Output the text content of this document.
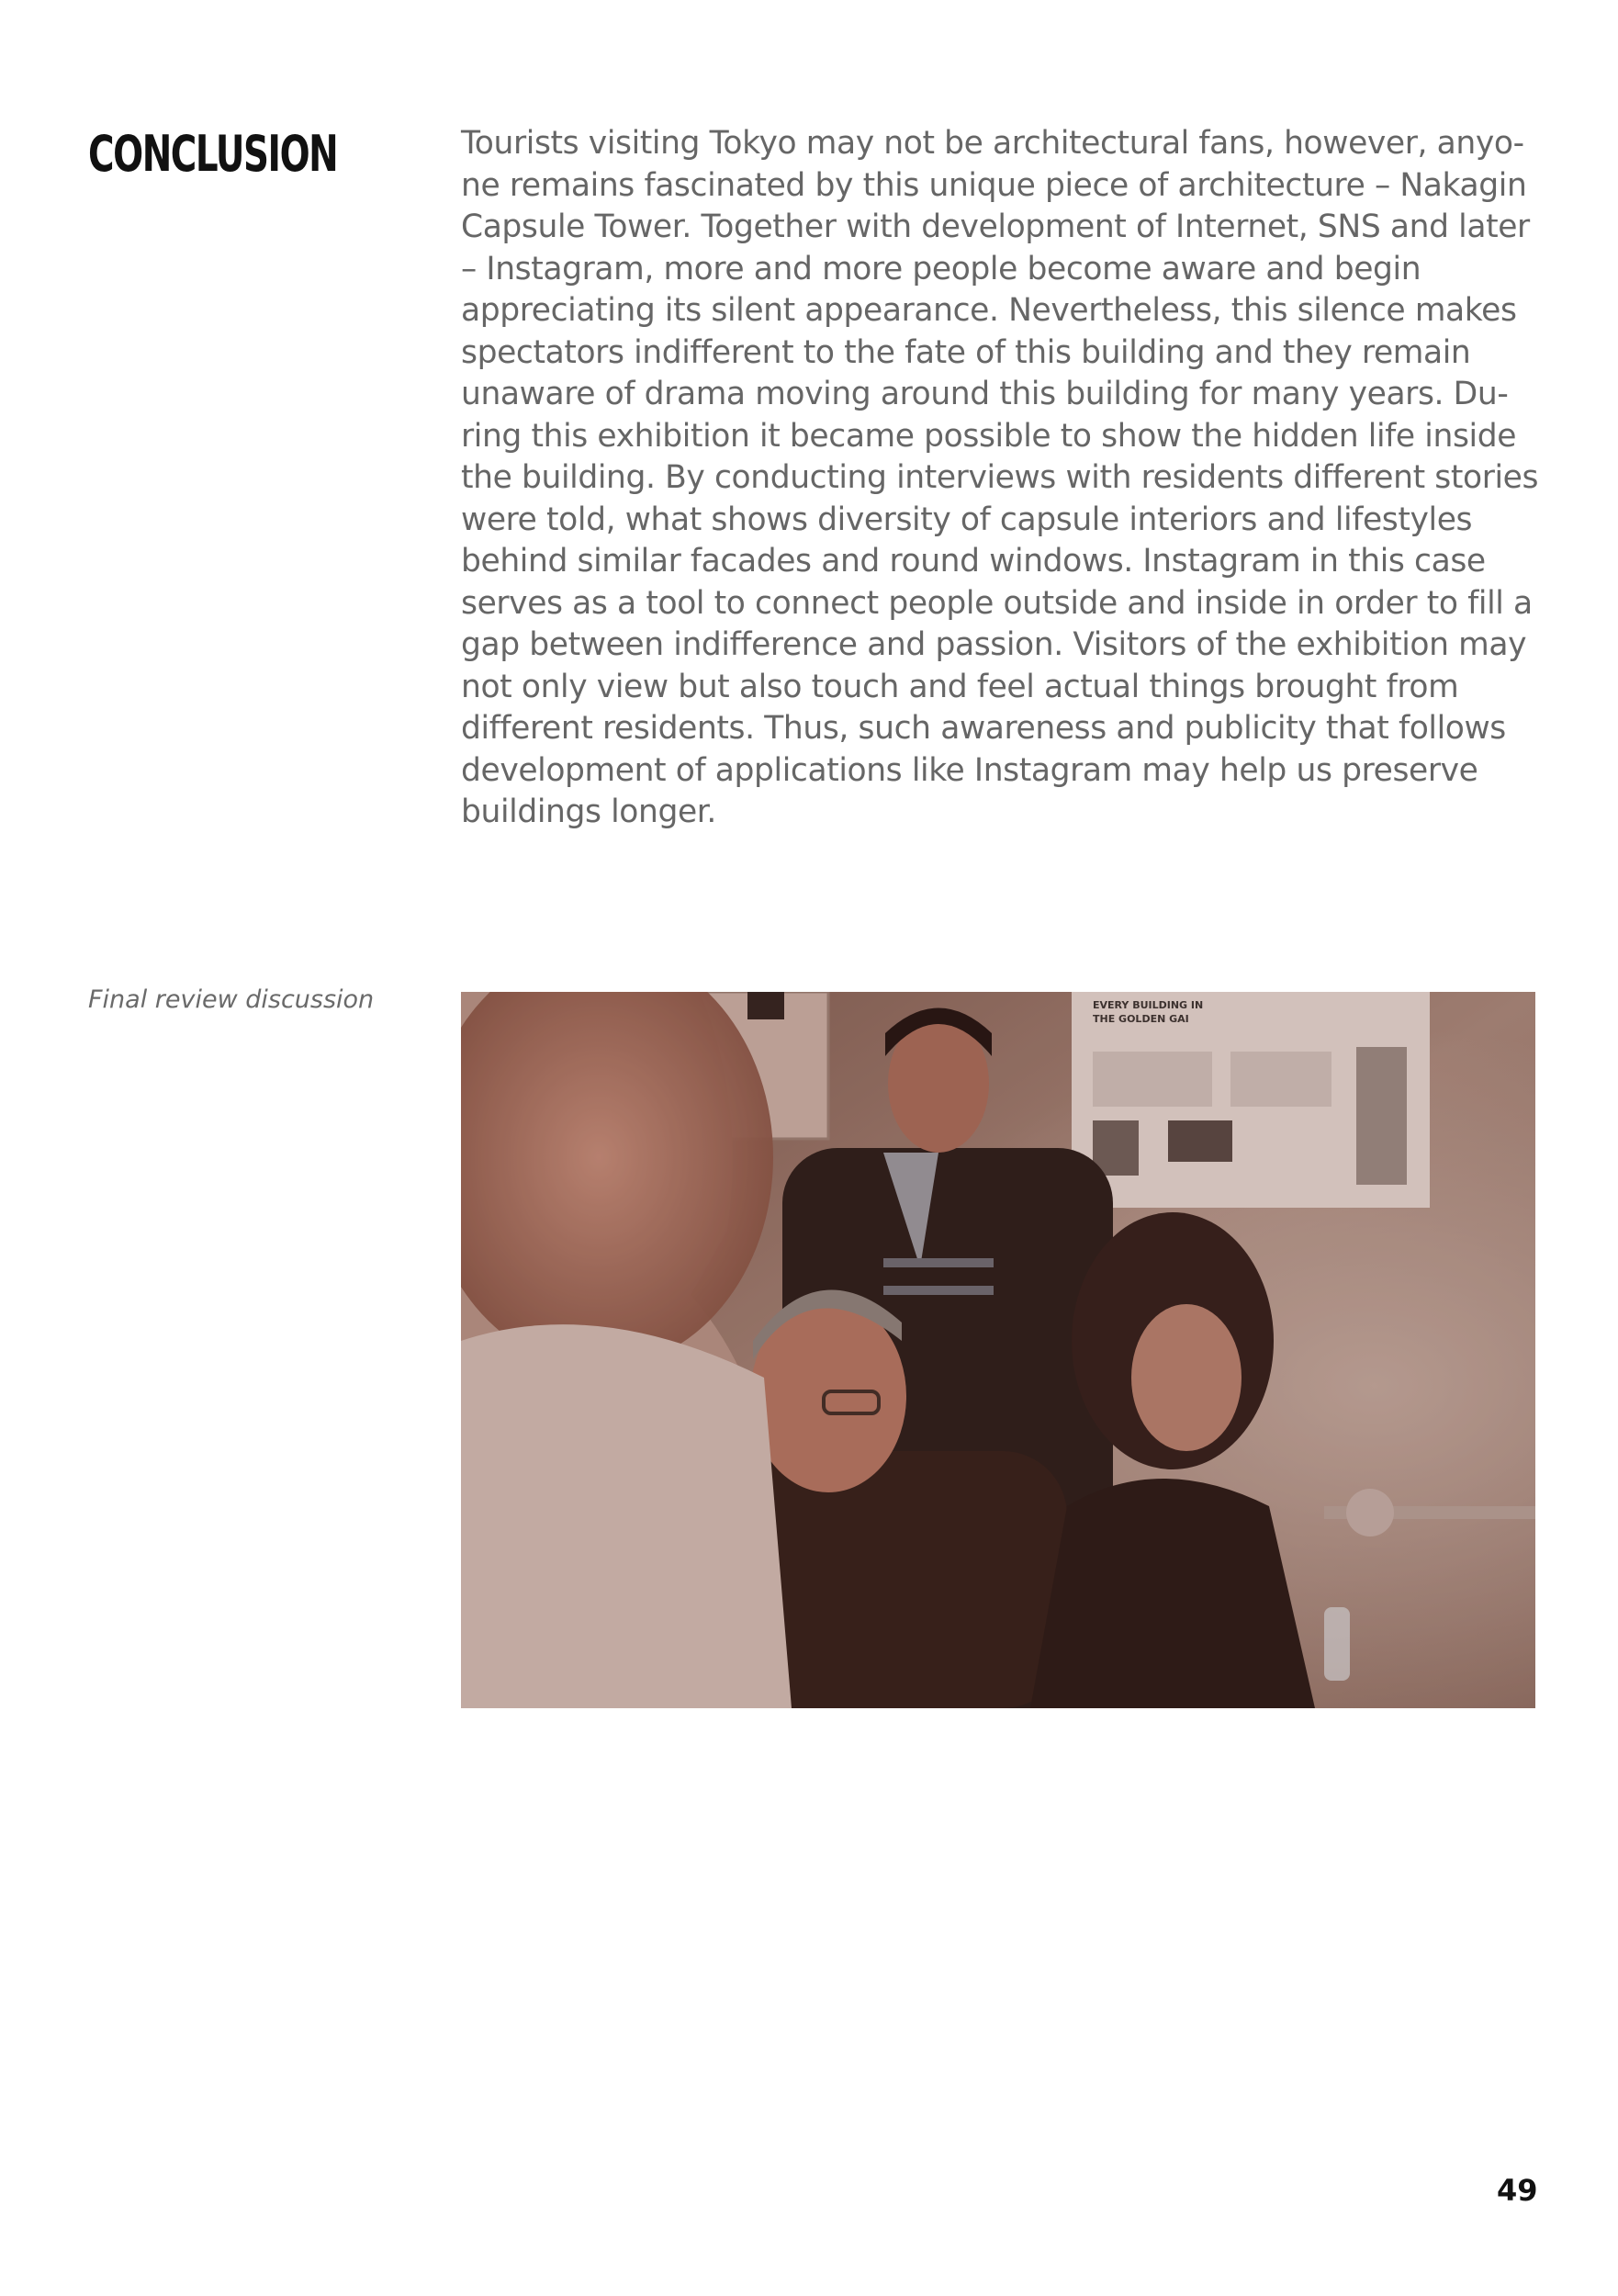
CONCLUSION	Tourists visiting Tokyo may not be architectural fans, however, anyone remains fascinated by this unique piece of architecture – Nakagin Capsule Tower. Together with development of Internet, SNS and later – Instagram, more and more people become aware and begin appreciating its silent appearance. Nevertheless, this silence makes spectators indifferent to the fate of this building and they remain unaware of drama moving around this building for many years. During this exhibition it became possible to show the hidden life inside the building. By conducting interviews with residents different stories were told, what shows diversity of capsule interiors and lifestyles behind similar facades and round windows. Instagram in this case serves as a tool to connect people outside and inside in order to fill a gap between indifference and passion. Visitors of the exhibition may not only view but also touch and feel actual things brought from different residents. Thus, such awareness and publicity that follows development of applications like Instagram may help us preserve buildings longer.

Final review discussion	EVERY BUILDING IN
THE GOLDEN GAI
49
